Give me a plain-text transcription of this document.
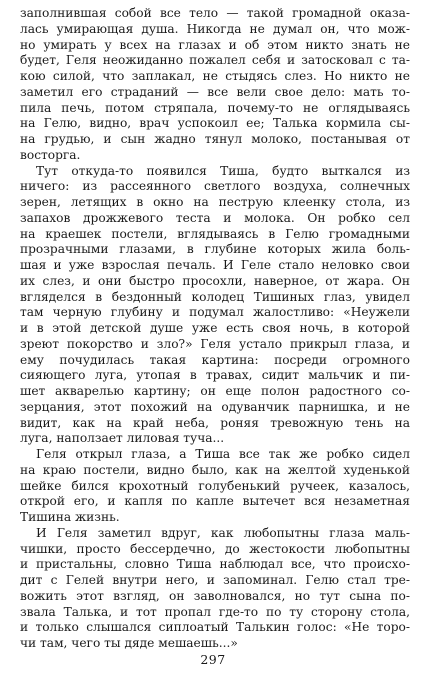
заполнившая собой все тело — такой громадной оказа-
лась умирающая душа. Никогда не думал он, что мож-
но умирать у всех на глазах и об этом никто знать не
будет, Геля неожиданно пожалел себя и затосковал с та-
кою силой, что заплакал, не стыдясь слез. Но никто не
заметил его страданий — все вели свое дело: мать то-
пила печь, потом стряпала, почему-то не оглядываясь
на Гелю, видно, врач успокоил ее; Талька кормила сы-
на грудью, и сын жадно тянул молоко, постанывая от
восторга.
Тут откуда-то появился Тиша, будто выткался из
ничего: из рассеянного светлого воздуха, солнечных
зерен, летящих в окно на пеструю клеенку стола, из
запахов дрожжевого теста и молока. Он робко сел
на краешек постели, вглядываясь в Гелю громадными
прозрачными глазами, в глубине которых жила боль-
шая и уже взрослая печаль. И Геле стало неловко свои
их слез, и они быстро просохли, наверное, от жара. Он
вгляделся в бездонный колодец Тишиных глаз, увидел
там черную глубину и подумал жалостливо: «Неужели
и в этой детской душе уже есть своя ночь, в которой
зреют покорство и зло?» Геля устало прикрыл глаза, и
ему почудилась такая картина: посреди огромного
сияющего луга, утопая в травах, сидит мальчик и пи-
шет акварелью картину; он еще полон радостного со-
зерцания, этот похожий на одуванчик парнишка, и не
видит, как на край неба, роняя тревожную тень на
луга, наползает лиловая туча...
Геля открыл глаза, а Тиша все так же робко сидел
на краю постели, видно было, как на желтой худенькой
шейке бился крохотный голубенький ручеек, казалось,
открой его, и капля по капле вытечет вся незаметная
Тишина жизнь.
И Геля заметил вдруг, как любопытны глаза маль-
чишки, просто бессердечно, до жестокости любопытны
и пристальны, словно Тиша наблюдал все, что происхо-
дит с Гелей внутри него, и запоминал. Гелю стал тре-
вожить этот взгляд, он заволновался, но тут сына по-
звала Талька, и тот пропал где-то по ту сторону стола,
и только слышался сиплоатый Талькин голос: «Не торо-
чи там, чего ты дяде мешаешь...»
297
